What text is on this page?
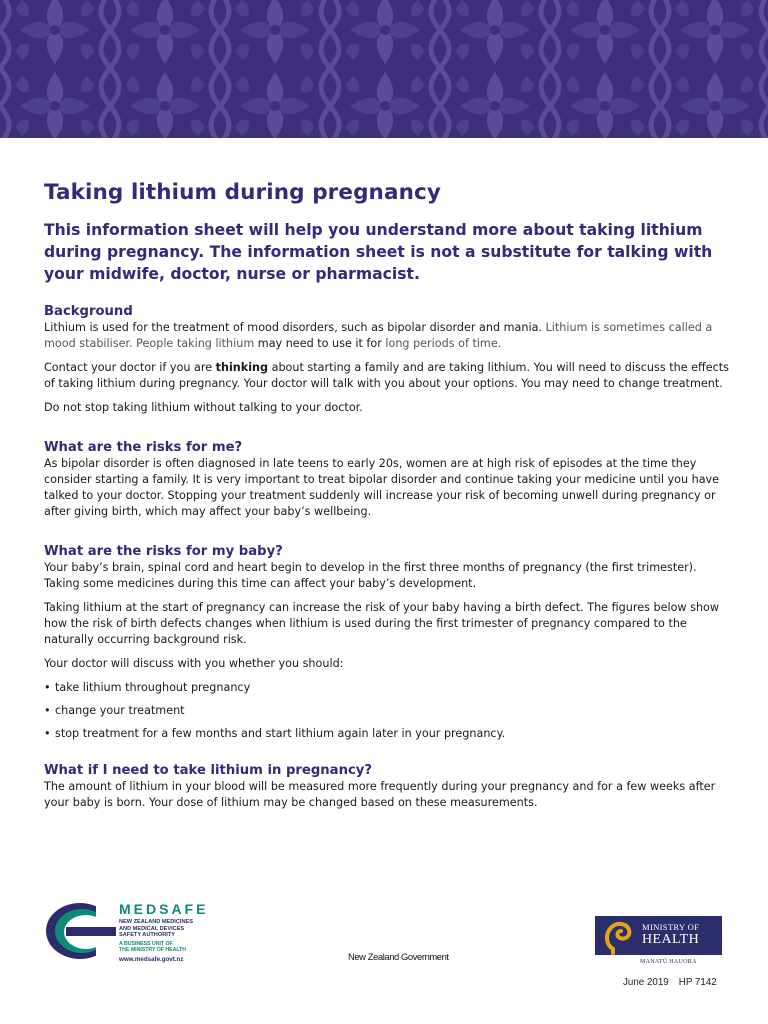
Taking lithium during pregnancy
This information sheet will help you understand more about taking lithium during pregnancy. The information sheet is not a substitute for talking with your midwife, doctor, nurse or pharmacist.
Background

Lithium is used for the treatment of mood disorders, such as bipolar disorder and mania. Lithium is sometimes called a mood stabiliser. People taking lithium may need to use it for long periods of time.

Contact your doctor if you are thinking about starting a family and are taking lithium. You will need to discuss the effects of taking lithium during pregnancy. Your doctor will talk with you about your options. You may need to change treatment.

Do not stop taking lithium without talking to your doctor.

What are the risks for me?

As bipolar disorder is often diagnosed in late teens to early 20s, women are at high risk of episodes at the time they consider starting a family. It is very important to treat bipolar disorder and continue taking your medicine until you have talked to your doctor. Stopping your treatment suddenly will increase your risk of becoming unwell during pregnancy or after giving birth, which may affect your baby’s wellbeing.

What are the risks for my baby?

Your baby’s brain, spinal cord and heart begin to develop in the first three months of pregnancy (the first trimester). Taking some medicines during this time can affect your baby’s development.

Taking lithium at the start of pregnancy can increase the risk of your baby having a birth defect. The figures below show how the risk of birth defects changes when lithium is used during the first trimester of pregnancy compared to the naturally occurring background risk.

Your doctor will discuss with you whether you should:

• take lithium throughout pregnancy
• change your treatment
• stop treatment for a few months and start lithium again later in your pregnancy.
What if I need to take lithium in pregnancy?

The amount of lithium in your blood will be measured more frequently during your pregnancy and for a few weeks after your baby is born. Your dose of lithium may be changed based on these measurements.

MEDSAFE
NEW ZEALAND MEDICINES
AND MEDICAL DEVICES
SAFETY AUTHORITY
A BUSINESS UNIT OF
THE MINISTRY OF HEALTH
www.medsafe.govt.nz	New Zealand Government
MINISTRY OF
HEALTH
MANATŪ HAUORA
June 2019 HP 7142
